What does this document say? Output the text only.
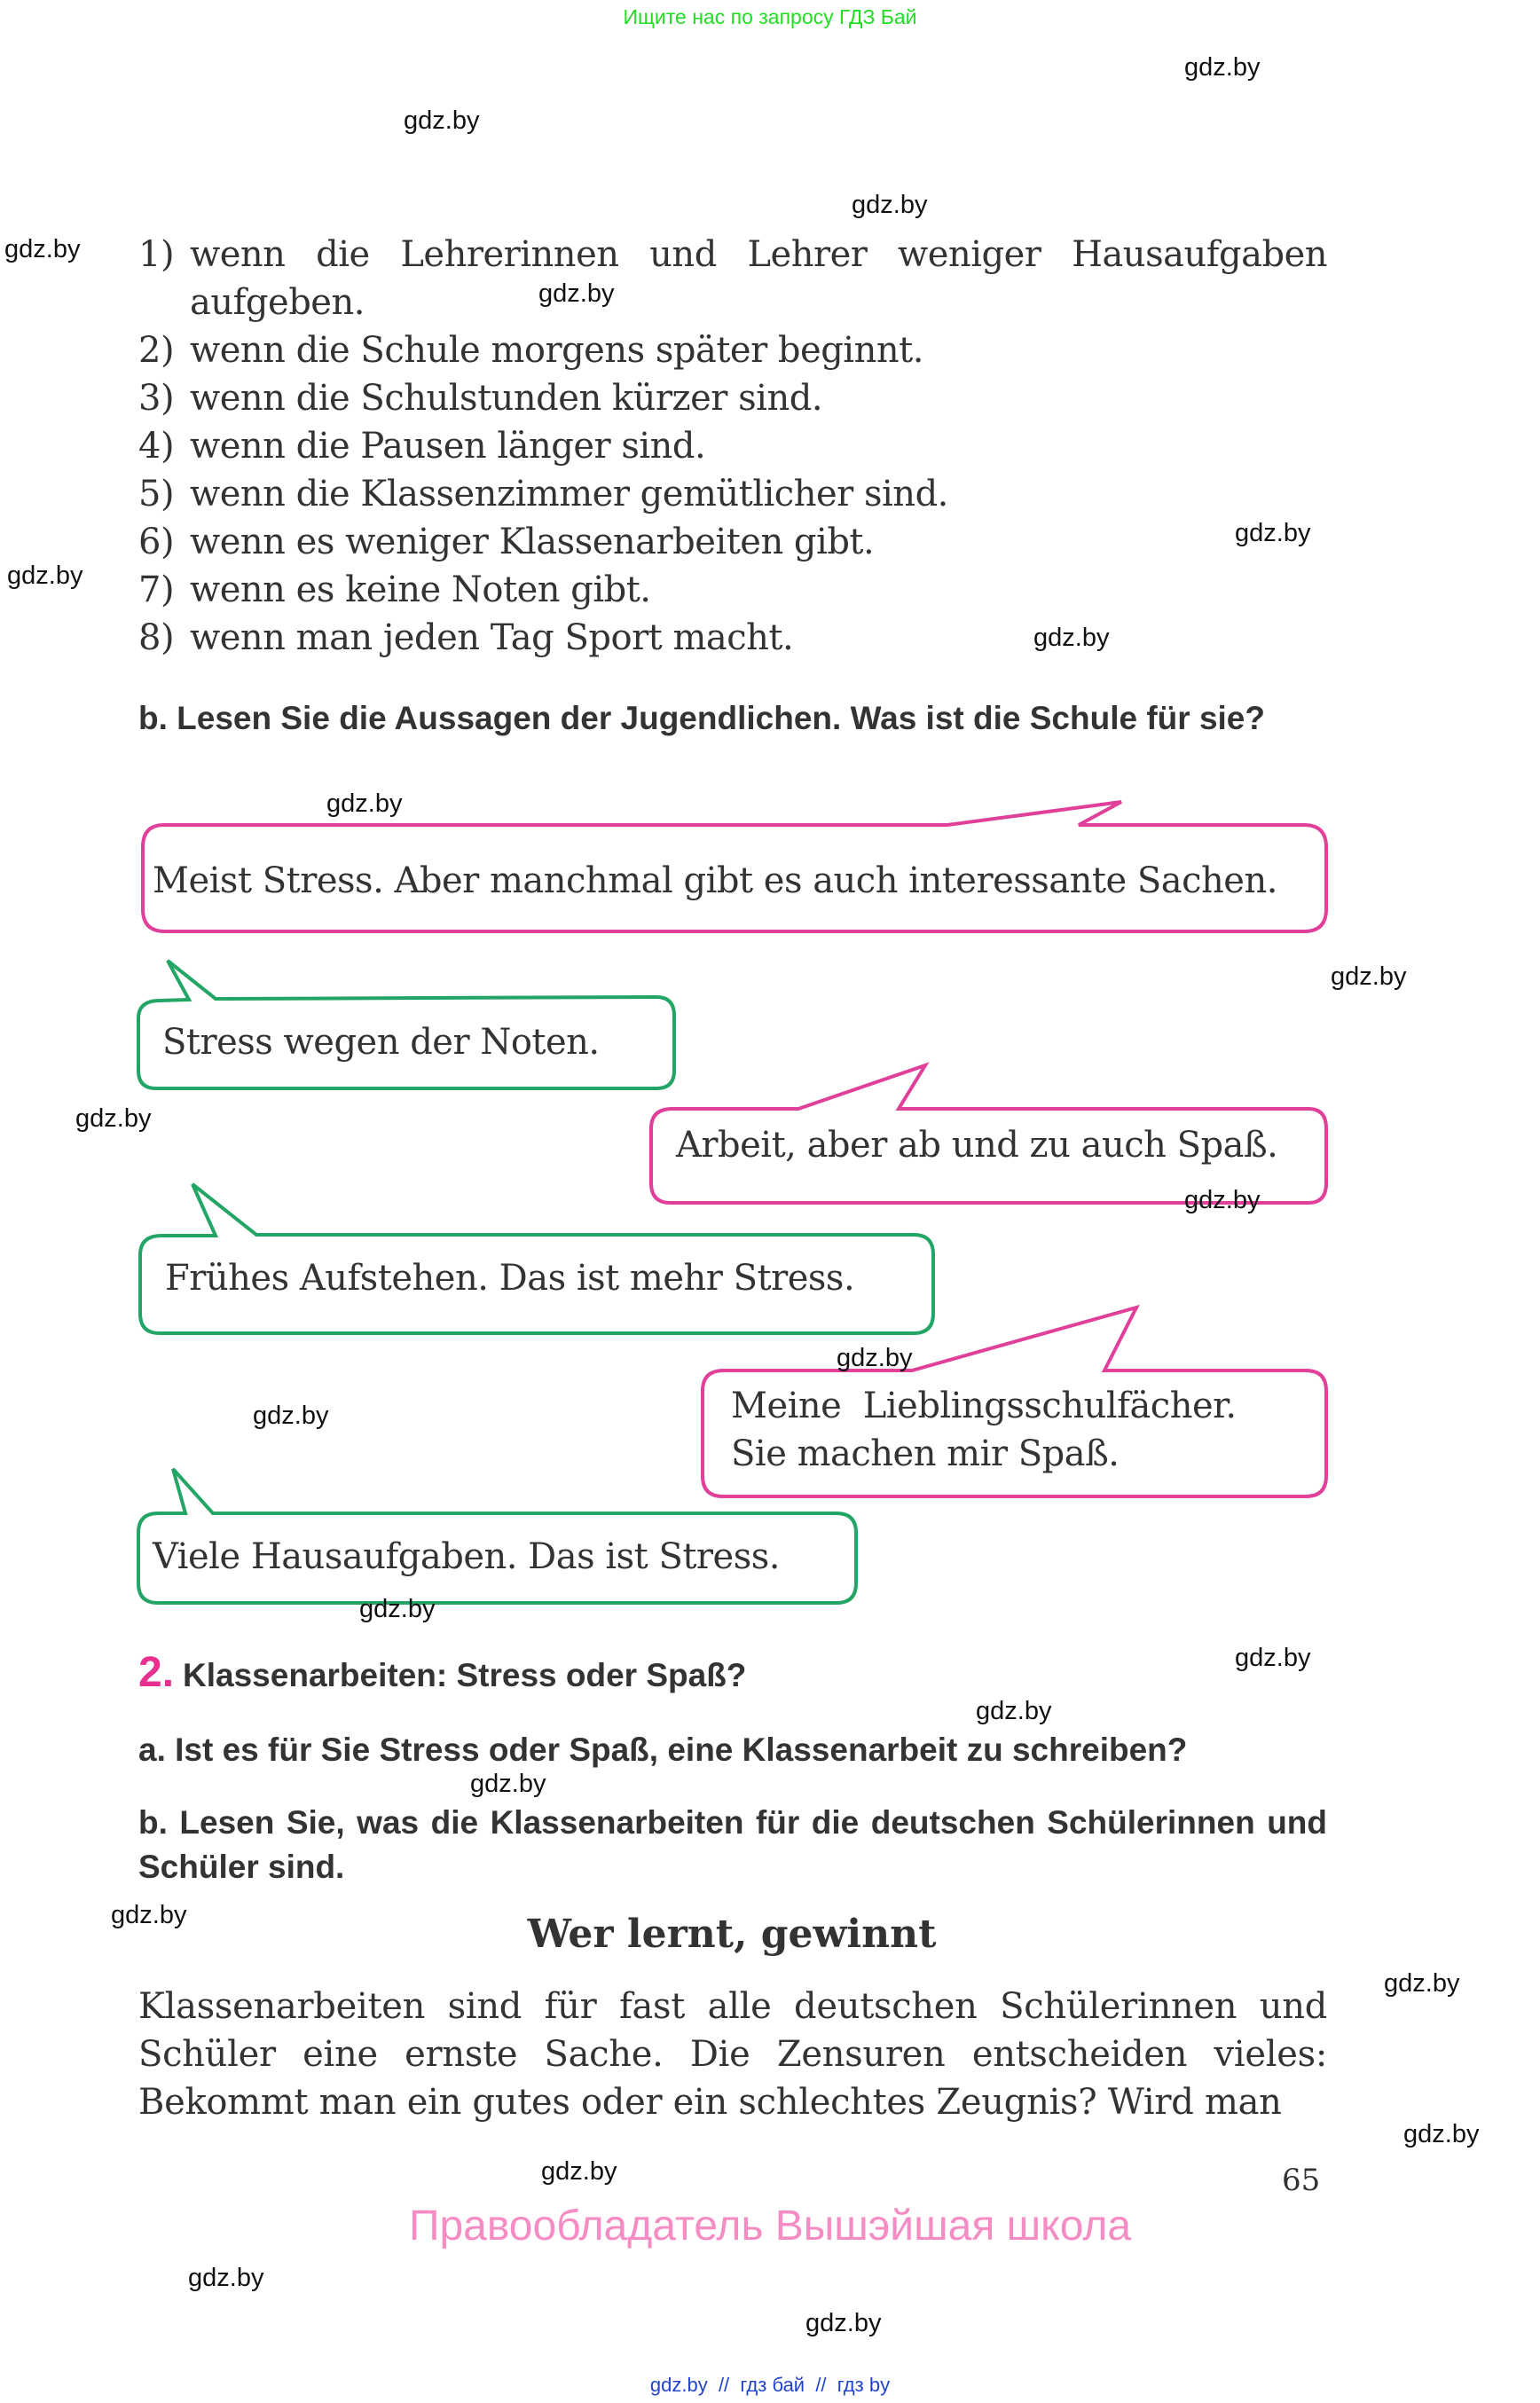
Ищите нас по запросу ГДЗ Бай
gdz.by
gdz.by
gdz.by
gdz.by
gdz.by
gdz.by
gdz.by
gdz.by
gdz.by
gdz.by
gdz.by
gdz.by
gdz.by
gdz.by
gdz.by
gdz.by
gdz.by
gdz.by
gdz.by
gdz.by
gdz.by
gdz.by
gdz.by
gdz.by
1) wenn die Lehrerinnen und Lehrer weniger Hausaufgaben aufgeben.
2) wenn die Schule morgens später beginnt.
3) wenn die Schulstunden kürzer sind.
4) wenn die Pausen länger sind.
5) wenn die Klassenzimmer gemütlicher sind.
6) wenn es weniger Klassenarbeiten gibt.
7) wenn es keine Noten gibt.
8) wenn man jeden Tag Sport macht.
b. Lesen Sie die Aussagen der Jugendlichen. Was ist die Schule für sie?
Meist Stress. Aber manchmal gibt es auch interessante Sachen.
Stress wegen der Noten.
Arbeit, aber ab und zu auch Spaß.
Frühes Aufstehen. Das ist mehr Stress.
Meine  Lieblingsschulfächer.
Sie machen mir Spaß.
Viele Hausaufgaben. Das ist Stress.
2. Klassenarbeiten: Stress oder Spaß?
a. Ist es für Sie Stress oder Spaß, eine Klassenarbeit zu schreiben?
b. Lesen Sie, was die Klassenarbeiten für die deutschen Schülerinnen und Schüler sind.
Wer lernt, gewinnt
Klassenarbeiten sind für fast alle deutschen Schülerinnen und Schüler eine ernste Sache. Die Zensuren entscheiden vieles: Bekommt man ein gutes oder ein schlechtes Zeugnis? Wird man
65
Правообладатель Вышэйшая школа
gdz.by  //  гдз бай  //  гдз by
